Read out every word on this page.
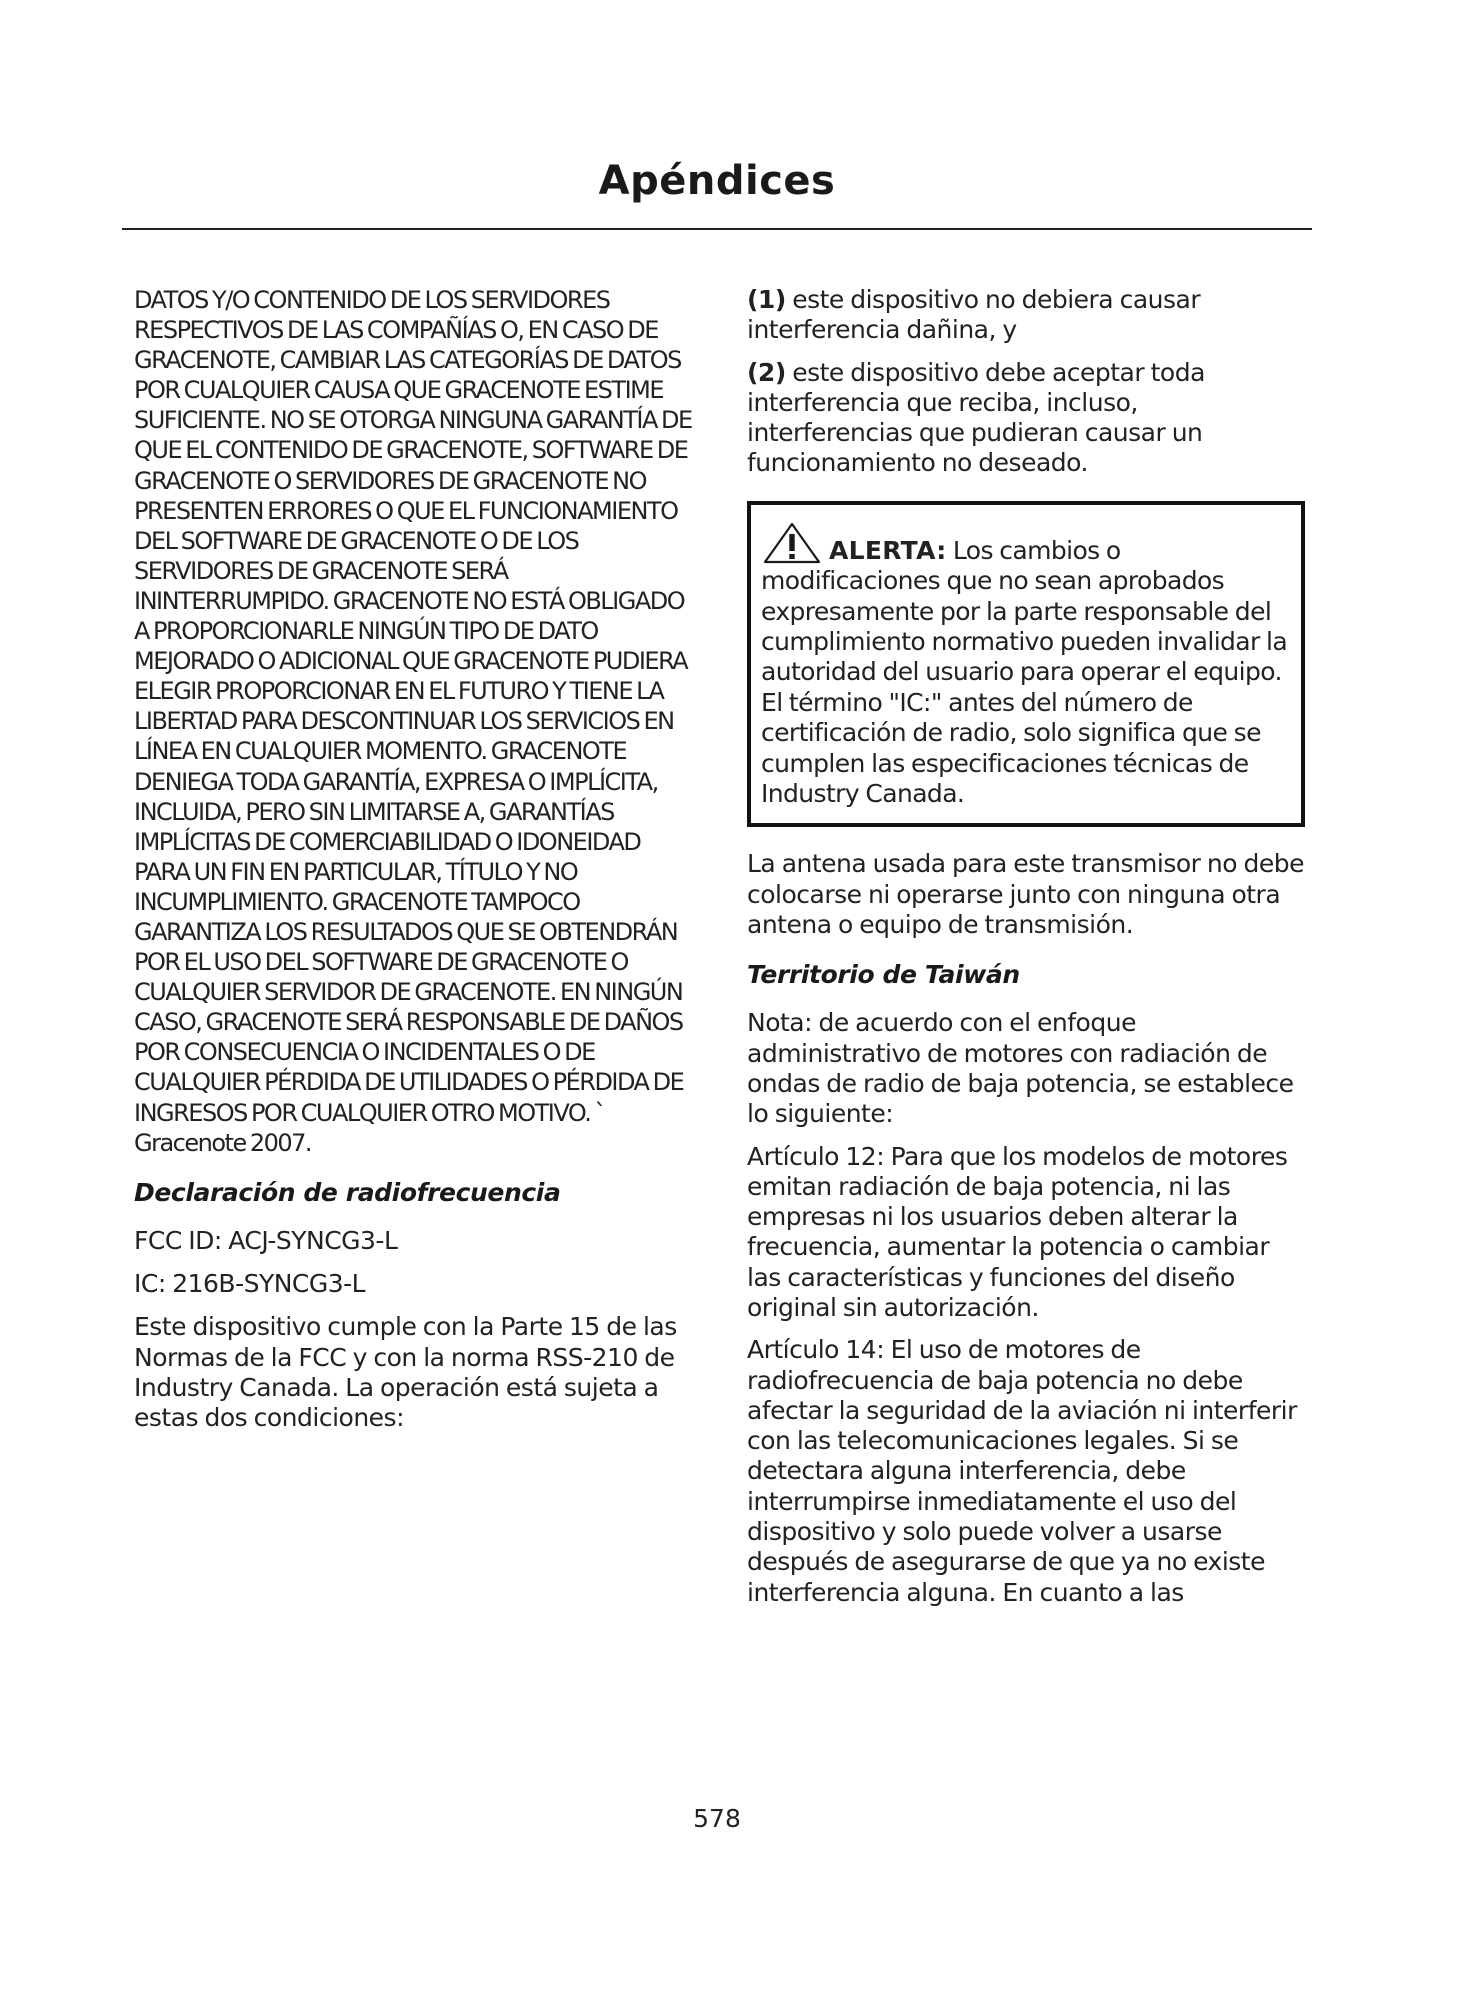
Apéndices

DATOS Y/O CONTENIDO DE LOS SERVIDORES RESPECTIVOS DE LAS COMPAÑÍAS O, EN CASO DE GRACENOTE, CAMBIAR LAS CATEGORÍAS DE DATOS POR CUALQUIER CAUSA QUE GRACENOTE ESTIME SUFICIENTE. NO SE OTORGA NINGUNA GARANTÍA DE QUE EL CONTENIDO DE GRACENOTE, SOFTWARE DE GRACENOTE O SERVIDORES DE GRACENOTE NO PRESENTEN ERRORES O QUE EL FUNCIONAMIENTO DEL SOFTWARE DE GRACENOTE O DE LOS SERVIDORES DE GRACENOTE SERÁ ININTERRUMPIDO. GRACENOTE NO ESTÁ OBLIGADO A PROPORCIONARLE NINGÚN TIPO DE DATO MEJORADO O ADICIONAL QUE GRACENOTE PUDIERA ELEGIR PROPORCIONAR EN EL FUTURO Y TIENE LA LIBERTAD PARA DESCONTINUAR LOS SERVICIOS EN LÍNEA EN CUALQUIER MOMENTO. GRACENOTE DENIEGA TODA GARANTÍA, EXPRESA O IMPLÍCITA, INCLUIDA, PERO SIN LIMITARSE A, GARANTÍAS IMPLÍCITAS DE COMERCIABILIDAD O IDONEIDAD PARA UN FIN EN PARTICULAR, TÍTULO Y NO INCUMPLIMIENTO. GRACENOTE TAMPOCO GARANTIZA LOS RESULTADOS QUE SE OBTENDRÁN POR EL USO DEL SOFTWARE DE GRACENOTE O CUALQUIER SERVIDOR DE GRACENOTE. EN NINGÚN CASO, GRACENOTE SERÁ RESPONSABLE DE DAÑOS POR CONSECUENCIA O INCIDENTALES O DE CUALQUIER PÉRDIDA DE UTILIDADES O PÉRDIDA DE INGRESOS POR CUALQUIER OTRO MOTIVO. ` Gracenote 2007.

Declaración de radiofrecuencia

FCC ID: ACJ-SYNCG3-L

IC: 216B-SYNCG3-L

Este dispositivo cumple con la Parte 15 de las Normas de la FCC y con la norma RSS-210 de Industry Canada. La operación está sujeta a estas dos condiciones:

(1) este dispositivo no debiera causar interferencia dañina, y

(2) este dispositivo debe aceptar toda interferencia que reciba, incluso, interferencias que pudieran causar un funcionamiento no deseado.

ALERTA: Los cambios o modificaciones que no sean aprobados expresamente por la parte responsable del cumplimiento normativo pueden invalidar la autoridad del usuario para operar el equipo. El término "IC:" antes del número de certificación de radio, solo significa que se cumplen las especificaciones técnicas de Industry Canada.

La antena usada para este transmisor no debe colocarse ni operarse junto con ninguna otra antena o equipo de transmisión.

Territorio de Taiwán

Nota: de acuerdo con el enfoque administrativo de motores con radiación de ondas de radio de baja potencia, se establece lo siguiente:

Artículo 12: Para que los modelos de motores emitan radiación de baja potencia, ni las empresas ni los usuarios deben alterar la frecuencia, aumentar la potencia o cambiar las características y funciones del diseño original sin autorización.

Artículo 14: El uso de motores de radiofrecuencia de baja potencia no debe afectar la seguridad de la aviación ni interferir con las telecomunicaciones legales. Si se detectara alguna interferencia, debe interrumpirse inmediatamente el uso del dispositivo y solo puede volver a usarse después de asegurarse de que ya no existe interferencia alguna. En cuanto a las

578
